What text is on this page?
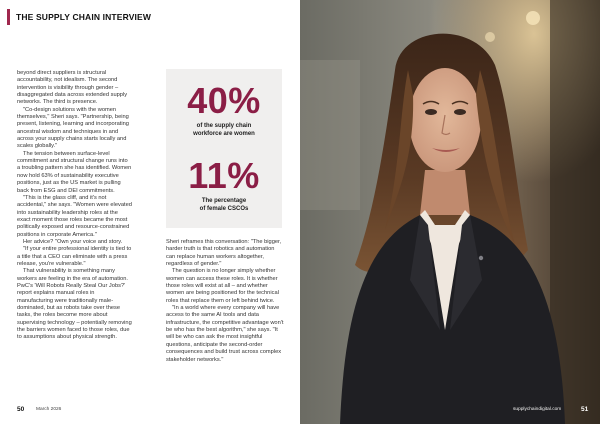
THE SUPPLY CHAIN INTERVIEW

beyond direct suppliers is structural accountability, not idealism. The second intervention is visibility through gender –disaggregated data across extended supply networks. The third is presence.

"Co-design solutions with the women themselves," Sheri says. "Partnership, being present, listening, learning and incorporating ancestral wisdom and techniques in and across your supply chains starts locally and scales globally."

The tension between surface-level commitment and structural change runs into a troubling pattern she has identified. Women now hold 63% of sustainability executive positions, just as the US market is pulling back from ESG and DEI commitments.

"This is the glass cliff, and it's not accidental," she says. "Women were elevated into sustainability leadership roles at the exact moment those roles became the most politically exposed and resource-constrained positions in corporate America."

Her advice? "Own your voice and story.

"If your entire professional identity is tied to a title that a CEO can eliminate with a press release, you're vulnerable."

That vulnerability is something many workers are feeling in the era of automation. PwC's 'Will Robots Really Steal Our Jobs?' report explains manual roles in manufacturing were traditionally male-dominated, but as robots take over these tasks, the roles become more about supervising technology – potentially removing the barriers women faced to those roles, due to assumptions about physical strength.

40%
of the supply chain
workforce are women
11%
The percentage
of female CSCOs

Sheri reframes this conversation: "The bigger, harder truth is that robotics and automation can replace human workers altogether, regardless of gender."

The question is no longer simply whether women can access these roles. It is whether those roles will exist at all – and whether women are being positioned for the technical roles that replace them or left behind twice.

"In a world where every company will have access to the same AI tools and data infrastructure, the competitive advantage won't be who has the best algorithm," she says. "It will be who can ask the most insightful questions, anticipate the second-order consequences and build trust across complex stakeholder networks."

50 March 2026	supplychaindigital.com	51
